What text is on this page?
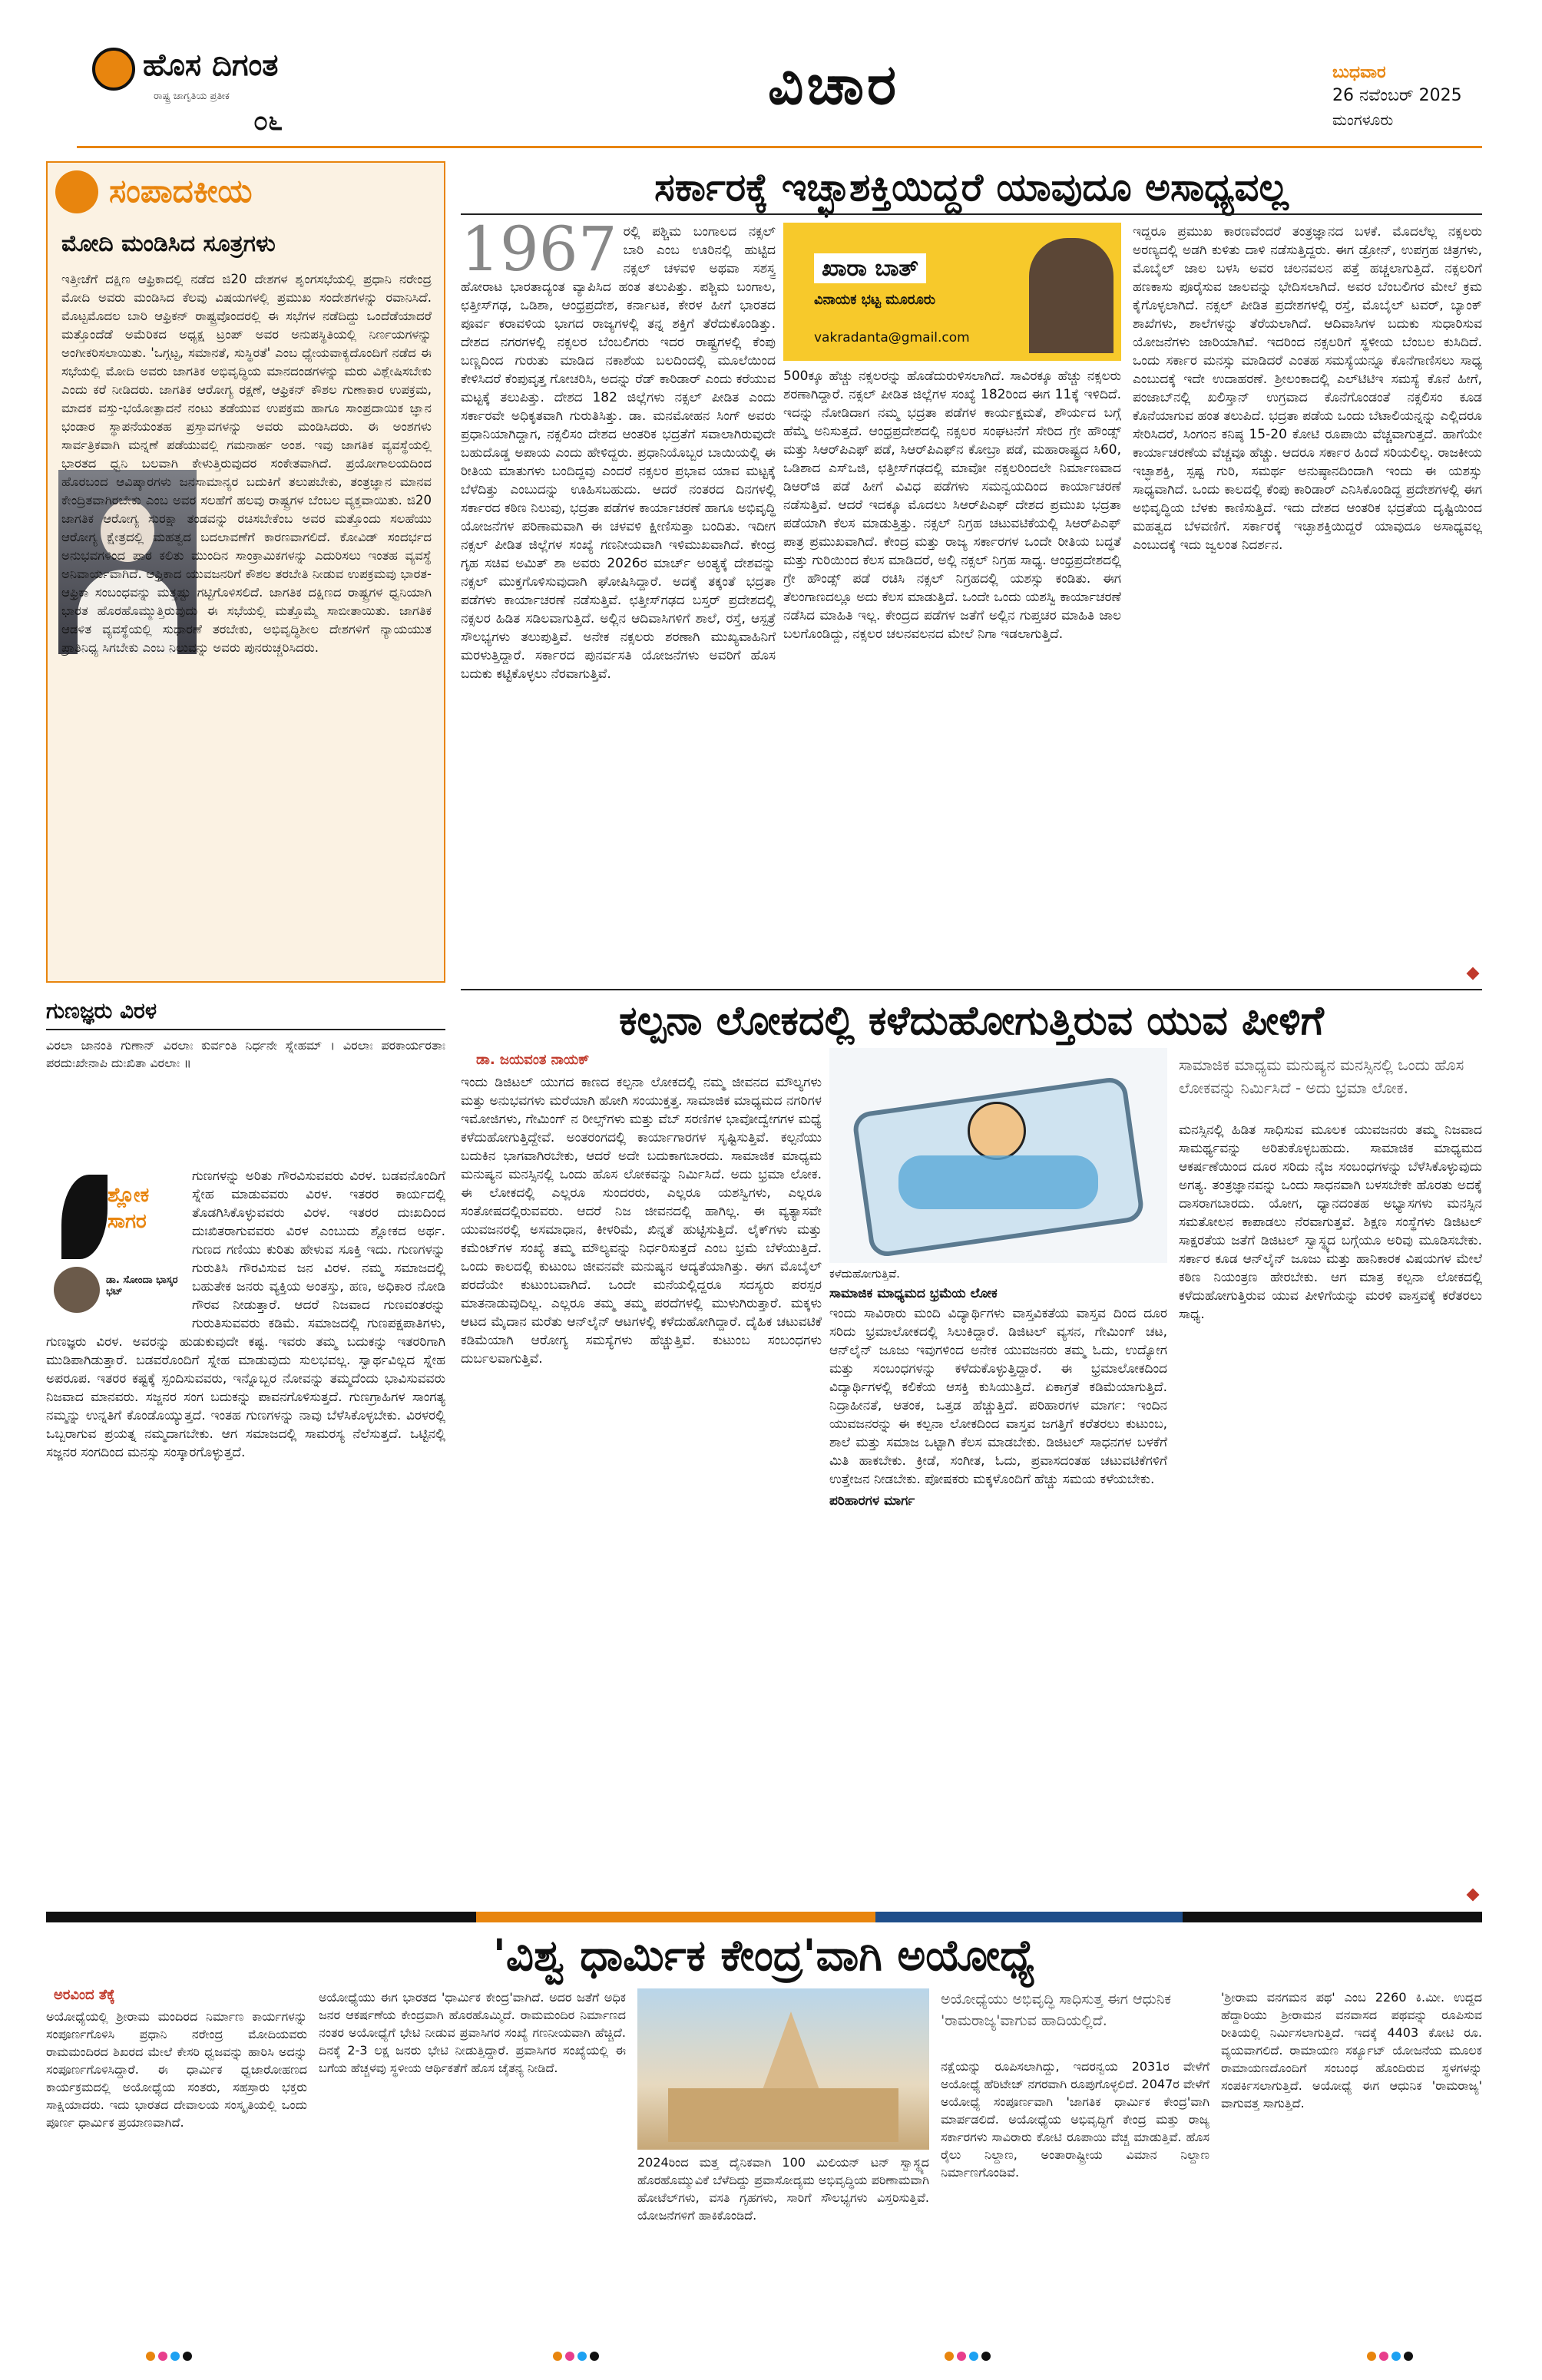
ಹೊಸ ದಿಗಂತ
ರಾಷ್ಟ್ರ ಜಾಗೃತಿಯ ಪ್ರತೀಕ
೦೬
ವಿಚಾರ	ಬುಧವಾರ
26 ನವೆಂಬರ್ 2025
ಮಂಗಳೂರು
ಸಂಪಾದಕೀಯ
ಮೋದಿ ಮಂಡಿಸಿದ ಸೂತ್ರಗಳು

ಇತ್ತೀಚೆಗೆ ದಕ್ಷಿಣ ಆಫ್ರಿಕಾದಲ್ಲಿ ನಡೆದ ಜಿ20 ದೇಶಗಳ ಶೃಂಗಸಭೆಯಲ್ಲಿ ಪ್ರಧಾನಿ ನರೇಂದ್ರ ಮೋದಿ ಅವರು ಮಂಡಿಸಿದ ಕೆಲವು ವಿಷಯಗಳಲ್ಲಿ ಪ್ರಮುಖ ಸಂದೇಶಗಳನ್ನು ರವಾನಿಸಿದೆ. ಮೊಟ್ಟಮೊದಲ ಬಾರಿ ಆಫ್ರಿಕನ್ ರಾಷ್ಟ್ರವೊಂದರಲ್ಲಿ ಈ ಸಭೆಗಳ ನಡೆದಿದ್ದು ಒಂದೆಡೆಯಾದರೆ ಮತ್ತೊಂದೆಡೆ ಅಮೆರಿಕದ ಅಧ್ಯಕ್ಷ ಟ್ರಂಪ್ ಅವರ ಅನುಪಸ್ಥಿತಿಯಲ್ಲಿ ನಿರ್ಣಯಗಳನ್ನು ಅಂಗೀಕರಿಸಲಾಯಿತು. 'ಒಗ್ಗಟ್ಟ, ಸಮಾನತೆ, ಸುಸ್ಥಿರತೆ' ಎಂಬ ಧ್ಯೇಯವಾಕ್ಯದೊಂದಿಗೆ ನಡೆದ ಈ ಸಭೆಯಲ್ಲಿ ಮೋದಿ ಅವರು ಜಾಗತಿಕ ಅಭಿವೃದ್ಧಿಯ ಮಾನದಂಡಗಳನ್ನು ಮರು ವಿಶ್ಲೇಷಿಸಬೇಕು ಎಂದು ಕರೆ ನೀಡಿದರು. ಜಾಗತಿಕ ಆರೋಗ್ಯ ರಕ್ಷಣೆ, ಆಫ್ರಿಕನ್ ಕೌಶಲ ಗುಣಾಕಾರ ಉಪಕ್ರಮ, ಮಾದಕ ವಸ್ತು-ಭಯೋತ್ಪಾದನೆ ನಂಟು ತಡೆಯುವ ಉಪಕ್ರಮ ಹಾಗೂ ಸಾಂಪ್ರದಾಯಿಕ ಜ್ಞಾನ ಭಂಡಾರ ಸ್ಥಾಪನೆಯಂತಹ ಪ್ರಸ್ತಾವಗಳನ್ನು ಅವರು ಮಂಡಿಸಿದರು. ಈ ಅಂಶಗಳು ಸಾರ್ವತ್ರಿಕವಾಗಿ ಮನ್ನಣೆ ಪಡೆಯುವಲ್ಲಿ ಗಮನಾರ್ಹ ಅಂಶ. ಇವು ಜಾಗತಿಕ ವ್ಯವಸ್ಥೆಯಲ್ಲಿ ಭಾರತದ ಧ್ವನಿ ಬಲವಾಗಿ ಕೇಳುತ್ತಿರುವುದರ ಸಂಕೇತವಾಗಿದೆ. ಪ್ರಯೋಗಾಲಯದಿಂದ ಹೊರಬಂದ ಆವಿಷ್ಕಾರಗಳು ಜನಸಾಮಾನ್ಯರ ಬದುಕಿಗೆ ತಲುಪಬೇಕು, ತಂತ್ರಜ್ಞಾನ ಮಾನವ ಕೇಂದ್ರಿತವಾಗಿರಬೇಕು ಎಂಬ ಅವರ ಸಲಹೆಗೆ ಹಲವು ರಾಷ್ಟ್ರಗಳ ಬೆಂಬಲ ವ್ಯಕ್ತವಾಯಿತು. ಜಿ20 ಜಾಗತಿಕ ಆರೋಗ್ಯ ಸುರಕ್ಷಾ ತಂಡವನ್ನು ರಚಿಸಬೇಕೆಂಬ ಅವರ ಮತ್ತೊಂದು ಸಲಹೆಯು ಆರೋಗ್ಯ ಕ್ಷೇತ್ರದಲ್ಲಿ ಮಹತ್ವದ ಬದಲಾವಣೆಗೆ ಕಾರಣವಾಗಲಿದೆ. ಕೋವಿಡ್ ಸಂದರ್ಭದ ಅನುಭವಗಳಿಂದ ಪಾಠ ಕಲಿತು ಮುಂದಿನ ಸಾಂಕ್ರಾಮಿಕಗಳನ್ನು ಎದುರಿಸಲು ಇಂತಹ ವ್ಯವಸ್ಥೆ ಅನಿವಾರ್ಯವಾಗಿದೆ. ಆಫ್ರಿಕಾದ ಯುವಜನರಿಗೆ ಕೌಶಲ ತರಬೇತಿ ನೀಡುವ ಉಪಕ್ರಮವು ಭಾರತ-ಆಫ್ರಿಕಾ ಸಂಬಂಧವನ್ನು ಮತ್ತಷ್ಟು ಗಟ್ಟಿಗೊಳಿಸಲಿದೆ. ಜಾಗತಿಕ ದಕ್ಷಿಣದ ರಾಷ್ಟ್ರಗಳ ಧ್ವನಿಯಾಗಿ ಭಾರತ ಹೊರಹೊಮ್ಮುತ್ತಿರುವುದು ಈ ಸಭೆಯಲ್ಲಿ ಮತ್ತೊಮ್ಮೆ ಸಾಬೀತಾಯಿತು. ಜಾಗತಿಕ ಆಡಳಿತ ವ್ಯವಸ್ಥೆಯಲ್ಲಿ ಸುಧಾರಣೆ ತರಬೇಕು, ಅಭಿವೃದ್ಧಿಶೀಲ ದೇಶಗಳಿಗೆ ನ್ಯಾಯಯುತ ಪ್ರಾತಿನಿಧ್ಯ ಸಿಗಬೇಕು ಎಂಬ ನಿಲುವನ್ನು ಅವರು ಪುನರುಚ್ಚರಿಸಿದರು.

ಸರ್ಕಾರಕ್ಕೆ ಇಚ್ಛಾಶಕ್ತಿಯಿದ್ದರೆ ಯಾವುದೂ ಅಸಾಧ್ಯವಲ್ಲ
1967 ರಲ್ಲಿ ಪಶ್ಚಿಮ ಬಂಗಾಲದ ನಕ್ಸಲ್ ಬಾರಿ ಎಂಬ ಊರಿನಲ್ಲಿ ಹುಟ್ಟಿದ ನಕ್ಸಲ್ ಚಳವಳಿ ಅಥವಾ ಸಶಸ್ತ್ರ ಹೋರಾಟ ಭಾರತಾದ್ಯಂತ ವ್ಯಾಪಿಸಿದ ಹಂತ ತಲುಪಿತ್ತು. ಪಶ್ಚಿಮ ಬಂಗಾಲ, ಛತ್ತೀಸ್‌ಗಢ, ಒಡಿಶಾ, ಆಂಧ್ರಪ್ರದೇಶ, ಕರ್ನಾಟಕ, ಕೇರಳ ಹೀಗೆ ಭಾರತದ ಪೂರ್ವ ಕರಾವಳಿಯ ಭಾಗದ ರಾಜ್ಯಗಳಲ್ಲಿ ತನ್ನ ಶಕ್ತಿಗೆ ತೆರೆದುಕೊಂಡಿತ್ತು. ದೇಶದ ನಗರಗಳಲ್ಲಿ ನಕ್ಸಲರ ಬೆಂಬಲಿಗರು ಇದರ ರಾಷ್ಟ್ರಗಳಲ್ಲಿ ಕೆಂಪು ಬಣ್ಣದಿಂದ ಗುರುತು ಮಾಡಿದ ನಕಾಶೆಯ ಬಲದಿಂದಲ್ಲಿ ಮೂಲೆಯಿಂದ ಕೇಳಿಸಿದರೆ ಕೆಂಪುವೃತ್ತ ಗೋಚರಿಸಿ, ಅದನ್ನು ರೆಡ್ ಕಾರಿಡಾರ್ ಎಂದು ಕರೆಯುವ ಮಟ್ಟಕ್ಕೆ ತಲುಪಿತ್ತು. ದೇಶದ 182 ಜಿಲ್ಲೆಗಳು ನಕ್ಸಲ್ ಪೀಡಿತ ಎಂದು ಸರ್ಕಾರವೇ ಅಧಿಕೃತವಾಗಿ ಗುರುತಿಸಿತ್ತು. ಡಾ. ಮನಮೋಹನ ಸಿಂಗ್ ಅವರು ಪ್ರಧಾನಿಯಾಗಿದ್ದಾಗ, ನಕ್ಸಲಿಸಂ ದೇಶದ ಆಂತರಿಕ ಭದ್ರತೆಗೆ ಸವಾಲಾಗಿರುವುದೇ ಬಹುದೊಡ್ಡ ಅಪಾಯ ಎಂದು ಹೇಳಿದ್ದರು. ಪ್ರಧಾನಿಯೊಬ್ಬರ ಬಾಯಿಯಲ್ಲಿ ಈ ರೀತಿಯ ಮಾತುಗಳು ಬಂದಿದ್ದವು ಎಂದರೆ ನಕ್ಸಲರ ಪ್ರಭಾವ ಯಾವ ಮಟ್ಟಕ್ಕೆ ಬೆಳೆದಿತ್ತು ಎಂಬುದನ್ನು ಊಹಿಸಬಹುದು. ಆದರೆ ನಂತರದ ದಿನಗಳಲ್ಲಿ ಸರ್ಕಾರದ ಕಠಿಣ ನಿಲುವು, ಭದ್ರತಾ ಪಡೆಗಳ ಕಾರ್ಯಾಚರಣೆ ಹಾಗೂ ಅಭಿವೃದ್ಧಿ ಯೋಜನೆಗಳ ಪರಿಣಾಮವಾಗಿ ಈ ಚಳವಳಿ ಕ್ಷೀಣಿಸುತ್ತಾ ಬಂದಿತು. ಇದೀಗ ನಕ್ಸಲ್ ಪೀಡಿತ ಜಿಲ್ಲೆಗಳ ಸಂಖ್ಯೆ ಗಣನೀಯವಾಗಿ ಇಳಿಮುಖವಾಗಿದೆ. ಕೇಂದ್ರ ಗೃಹ ಸಚಿವ ಅಮಿತ್ ಶಾ ಅವರು 2026ರ ಮಾರ್ಚ್ ಅಂತ್ಯಕ್ಕೆ ದೇಶವನ್ನು ನಕ್ಸಲ್ ಮುಕ್ತಗೊಳಿಸುವುದಾಗಿ ಘೋಷಿಸಿದ್ದಾರೆ. ಅದಕ್ಕೆ ತಕ್ಕಂತೆ ಭದ್ರತಾ ಪಡೆಗಳು ಕಾರ್ಯಾಚರಣೆ ನಡೆಸುತ್ತಿವೆ. ಛತ್ತೀಸ್‌ಗಢದ ಬಸ್ತರ್ ಪ್ರದೇಶದಲ್ಲಿ ನಕ್ಸಲರ ಹಿಡಿತ ಸಡಿಲವಾಗುತ್ತಿದೆ. ಅಲ್ಲಿನ ಆದಿವಾಸಿಗಳಿಗೆ ಶಾಲೆ, ರಸ್ತೆ, ಆಸ್ಪತ್ರೆ ಸೌಲಭ್ಯಗಳು ತಲುಪುತ್ತಿವೆ. ಅನೇಕ ನಕ್ಸಲರು ಶರಣಾಗಿ ಮುಖ್ಯವಾಹಿನಿಗೆ ಮರಳುತ್ತಿದ್ದಾರೆ. ಸರ್ಕಾರದ ಪುನರ್ವಸತಿ ಯೋಜನೆಗಳು ಅವರಿಗೆ ಹೊಸ ಬದುಕು ಕಟ್ಟಿಕೊಳ್ಳಲು ನೆರವಾಗುತ್ತಿವೆ.

ಖಾರಾ ಬಾತ್
ವಿನಾಯಕ ಭಟ್ಟ ಮೂರೂರು
vakradanta@gmail.com

500ಕ್ಕೂ ಹೆಚ್ಚು ನಕ್ಸಲರನ್ನು ಹೊಡೆದುರುಳಿಸಲಾಗಿದೆ. ಸಾವಿರಕ್ಕೂ ಹೆಚ್ಚು ನಕ್ಸಲರು ಶರಣಾಗಿದ್ದಾರೆ. ನಕ್ಸಲ್ ಪೀಡಿತ ಜಿಲ್ಲೆಗಳ ಸಂಖ್ಯೆ 182ರಿಂದ ಈಗ 11ಕ್ಕೆ ಇಳಿದಿದೆ. ಇದನ್ನು ನೋಡಿದಾಗ ನಮ್ಮ ಭದ್ರತಾ ಪಡೆಗಳ ಕಾರ್ಯಕ್ಷಮತೆ, ಶೌರ್ಯದ ಬಗ್ಗೆ ಹೆಮ್ಮೆ ಅನಿಸುತ್ತದೆ. ಆಂಧ್ರಪ್ರದೇಶದಲ್ಲಿ ನಕ್ಸಲರ ಸಂಘಟನೆಗೆ ಸೇರಿದ ಗ್ರೇ ಹೌಂಡ್ಸ್ ಮತ್ತು ಸಿಆರ್‌ಪಿಎಫ್ ಪಡೆ, ಸಿಆರ್‌ಪಿಎಫ್‌ನ ಕೋಬ್ರಾ ಪಡೆ, ಮಹಾರಾಷ್ಟ್ರದ ಸಿ60, ಒಡಿಶಾದ ಎಸ್‌ಒಜಿ, ಛತ್ತೀಸ್‌ಗಢದಲ್ಲಿ ಮಾವೋ ನಕ್ಸಲರಿಂದಲೇ ನಿರ್ಮಾಣವಾದ ಡಿಆರ್‌ಜಿ ಪಡೆ ಹೀಗೆ ವಿವಿಧ ಪಡೆಗಳು ಸಮನ್ವಯದಿಂದ ಕಾರ್ಯಾಚರಣೆ ನಡೆಸುತ್ತಿವೆ. ಆದರೆ ಇದಕ್ಕೂ ಮೊದಲು ಸಿಆರ್‌ಪಿಎಫ್ ದೇಶದ ಪ್ರಮುಖ ಭದ್ರತಾ ಪಡೆಯಾಗಿ ಕೆಲಸ ಮಾಡುತ್ತಿತ್ತು. ನಕ್ಸಲ್ ನಿಗ್ರಹ ಚಟುವಟಿಕೆಯಲ್ಲಿ ಸಿಆರ್‌ಪಿಎಫ್ ಪಾತ್ರ ಪ್ರಮುಖವಾಗಿದೆ. ಕೇಂದ್ರ ಮತ್ತು ರಾಜ್ಯ ಸರ್ಕಾರಗಳ ಒಂದೇ ರೀತಿಯ ಬದ್ಧತೆ ಮತ್ತು ಗುರಿಯಿಂದ ಕೆಲಸ ಮಾಡಿದರೆ, ಅಲ್ಲಿ ನಕ್ಸಲ್ ನಿಗ್ರಹ ಸಾಧ್ಯ. ಆಂಧ್ರಪ್ರದೇಶದಲ್ಲಿ ಗ್ರೇ ಹೌಂಡ್ಸ್ ಪಡೆ ರಚಿಸಿ ನಕ್ಸಲ್ ನಿಗ್ರಹದಲ್ಲಿ ಯಶಸ್ಸು ಕಂಡಿತು. ಈಗ ತೆಲಂಗಾಣದಲ್ಲೂ ಅದು ಕೆಲಸ ಮಾಡುತ್ತಿದೆ. ಒಂದೇ ಒಂದು ಯಶಸ್ವಿ ಕಾರ್ಯಾಚರಣೆ ನಡೆಸಿದ ಮಾಹಿತಿ ಇಲ್ಲ. ಕೇಂದ್ರದ ಪಡೆಗಳ ಜತೆಗೆ ಅಲ್ಲಿನ ಗುಪ್ತಚರ ಮಾಹಿತಿ ಜಾಲ ಬಲಗೊಂಡಿದ್ದು, ನಕ್ಸಲರ ಚಲನವಲನದ ಮೇಲೆ ನಿಗಾ ಇಡಲಾಗುತ್ತಿದೆ.

ಇದ್ದರೂ ಪ್ರಮುಖ ಕಾರಣವೆಂದರೆ ತಂತ್ರಜ್ಞಾನದ ಬಳಕೆ. ಮೊದಲೆಲ್ಲ ನಕ್ಸಲರು ಅರಣ್ಯದಲ್ಲಿ ಅಡಗಿ ಕುಳಿತು ದಾಳಿ ನಡೆಸುತ್ತಿದ್ದರು. ಈಗ ಡ್ರೋನ್, ಉಪಗ್ರಹ ಚಿತ್ರಗಳು, ಮೊಬೈಲ್ ಜಾಲ ಬಳಸಿ ಅವರ ಚಲನವಲನ ಪತ್ತೆ ಹಚ್ಚಲಾಗುತ್ತಿದೆ. ನಕ್ಸಲರಿಗೆ ಹಣಕಾಸು ಪೂರೈಸುವ ಜಾಲವನ್ನು ಭೇದಿಸಲಾಗಿದೆ. ಅವರ ಬೆಂಬಲಿಗರ ಮೇಲೆ ಕ್ರಮ ಕೈಗೊಳ್ಳಲಾಗಿದೆ. ನಕ್ಸಲ್ ಪೀಡಿತ ಪ್ರದೇಶಗಳಲ್ಲಿ ರಸ್ತೆ, ಮೊಬೈಲ್ ಟವರ್, ಬ್ಯಾಂಕ್ ಶಾಖೆಗಳು, ಶಾಲೆಗಳನ್ನು ತೆರೆಯಲಾಗಿದೆ. ಆದಿವಾಸಿಗಳ ಬದುಕು ಸುಧಾರಿಸುವ ಯೋಜನೆಗಳು ಜಾರಿಯಾಗಿವೆ. ಇದರಿಂದ ನಕ್ಸಲರಿಗೆ ಸ್ಥಳೀಯ ಬೆಂಬಲ ಕುಸಿದಿದೆ. ಒಂದು ಸರ್ಕಾರ ಮನಸ್ಸು ಮಾಡಿದರೆ ಎಂತಹ ಸಮಸ್ಯೆಯನ್ನೂ ಕೊನೆಗಾಣಿಸಲು ಸಾಧ್ಯ ಎಂಬುದಕ್ಕೆ ಇದೇ ಉದಾಹರಣೆ. ಶ್ರೀಲಂಕಾದಲ್ಲಿ ಎಲ್‌ಟಿಟಿಇ ಸಮಸ್ಯೆ ಕೊನೆ ಹೀಗೆ, ಪಂಜಾಬ್‌ನಲ್ಲಿ ಖಲಿಸ್ತಾನ್ ಉಗ್ರವಾದ ಕೊನೆಗೊಂಡಂತೆ ನಕ್ಸಲಿಸಂ ಕೂಡ ಕೊನೆಯಾಗುವ ಹಂತ ತಲುಪಿದೆ. ಭದ್ರತಾ ಪಡೆಯ ಒಂದು ಬೆಟಾಲಿಯನ್ನನ್ನು ಎಲ್ಲಿದರೂ ಸೇರಿಸಿದರೆ, ಸಿಂಗಂನ ಕನಿಷ್ಠ 15-20 ಕೋಟಿ ರೂಪಾಯಿ ವೆಚ್ಚವಾಗುತ್ತದೆ. ಹಾಗೆಯೇ ಕಾರ್ಯಾಚರಣೆಯ ವೆಚ್ಚವೂ ಹೆಚ್ಚು. ಆದರೂ ಸರ್ಕಾರ ಹಿಂದೆ ಸರಿಯಲಿಲ್ಲ. ರಾಜಕೀಯ ಇಚ್ಛಾಶಕ್ತಿ, ಸ್ಪಷ್ಟ ಗುರಿ, ಸಮರ್ಥ ಅನುಷ್ಠಾನದಿಂದಾಗಿ ಇಂದು ಈ ಯಶಸ್ಸು ಸಾಧ್ಯವಾಗಿದೆ. ಒಂದು ಕಾಲದಲ್ಲಿ ಕೆಂಪು ಕಾರಿಡಾರ್ ಎನಿಸಿಕೊಂಡಿದ್ದ ಪ್ರದೇಶಗಳಲ್ಲಿ ಈಗ ಅಭಿವೃದ್ಧಿಯ ಬೆಳಕು ಕಾಣಿಸುತ್ತಿದೆ. ಇದು ದೇಶದ ಆಂತರಿಕ ಭದ್ರತೆಯ ದೃಷ್ಟಿಯಿಂದ ಮಹತ್ವದ ಬೆಳವಣಿಗೆ. ಸರ್ಕಾರಕ್ಕೆ ಇಚ್ಛಾಶಕ್ತಿಯಿದ್ದರೆ ಯಾವುದೂ ಅಸಾಧ್ಯವಲ್ಲ ಎಂಬುದಕ್ಕೆ ಇದು ಜ್ವಲಂತ ನಿದರ್ಶನ.

ಗುಣಜ್ಞರು ವಿರಳ

ವಿರಲಾ ಜಾನಂತಿ ಗುಣಾನ್ ವಿರಲಾಃ ಕುರ್ವಂತಿ ನಿರ್ಧನೇ ಸ್ನೇಹಮ್ । ವಿರಲಾಃ ಪರಕಾರ್ಯರತಾಃ ಪರದುಃಖೇನಾಪಿ ದುಃಖಿತಾ ವಿರಲಾಃ ॥

ಶ್ಲೋಕ ಸಾಗರ
ಡಾ. ಸೋಂದಾ ಭಾಸ್ಕರ ಭಟ್

ಗುಣಗಳನ್ನು ಅರಿತು ಗೌರವಿಸುವವರು ವಿರಳ. ಬಡವನೊಂದಿಗೆ ಸ್ನೇಹ ಮಾಡುವವರು ವಿರಳ. ಇತರರ ಕಾರ್ಯದಲ್ಲಿ ತೊಡಗಿಸಿಕೊಳ್ಳುವವರು ವಿರಳ. ಇತರರ ದುಃಖದಿಂದ ದುಃಖಿತರಾಗುವವರು ವಿರಳ ಎಂಬುದು ಶ್ಲೋಕದ ಅರ್ಥ. ಗುಣದ ಗಣಿಯು ಕುರಿತು ಹೇಳುವ ಸೂಕ್ತಿ ಇದು. ಗುಣಗಳನ್ನು ಗುರುತಿಸಿ ಗೌರವಿಸುವ ಜನ ವಿರಳ. ನಮ್ಮ ಸಮಾಜದಲ್ಲಿ ಬಹುತೇಕ ಜನರು ವ್ಯಕ್ತಿಯ ಅಂತಸ್ತು, ಹಣ, ಅಧಿಕಾರ ನೋಡಿ ಗೌರವ ನೀಡುತ್ತಾರೆ. ಆದರೆ ನಿಜವಾದ ಗುಣವಂತರನ್ನು ಗುರುತಿಸುವವರು ಕಡಿಮೆ. ಸಮಾಜದಲ್ಲಿ ಗುಣಪಕ್ಷಪಾತಿಗಳು, ಗುಣಜ್ಞರು ವಿರಳ. ಅವರನ್ನು ಹುಡುಕುವುದೇ ಕಷ್ಟ. ಇವರು ತಮ್ಮ ಬದುಕನ್ನು ಇತರರಿಗಾಗಿ ಮುಡಿಪಾಗಿಡುತ್ತಾರೆ. ಬಡವರೊಂದಿಗೆ ಸ್ನೇಹ ಮಾಡುವುದು ಸುಲಭವಲ್ಲ. ಸ್ವಾರ್ಥವಿಲ್ಲದ ಸ್ನೇಹ ಅಪರೂಪ. ಇತರರ ಕಷ್ಟಕ್ಕೆ ಸ್ಪಂದಿಸುವವರು, ಇನ್ನೊಬ್ಬರ ನೋವನ್ನು ತಮ್ಮದೆಂದು ಭಾವಿಸುವವರು ನಿಜವಾದ ಮಾನವರು. ಸಜ್ಜನರ ಸಂಗ ಬದುಕನ್ನು ಪಾವನಗೊಳಿಸುತ್ತದೆ. ಗುಣಗ್ರಾಹಿಗಳ ಸಾಂಗತ್ಯ ನಮ್ಮನ್ನು ಉನ್ನತಿಗೆ ಕೊಂಡೊಯ್ಯುತ್ತದೆ. ಇಂತಹ ಗುಣಗಳನ್ನು ನಾವು ಬೆಳೆಸಿಕೊಳ್ಳಬೇಕು. ವಿರಳರಲ್ಲಿ ಒಬ್ಬರಾಗುವ ಪ್ರಯತ್ನ ನಮ್ಮದಾಗಬೇಕು. ಆಗ ಸಮಾಜದಲ್ಲಿ ಸಾಮರಸ್ಯ ನೆಲೆಸುತ್ತದೆ. ಒಟ್ಟಿನಲ್ಲಿ ಸಜ್ಜನರ ಸಂಗದಿಂದ ಮನಸ್ಸು ಸಂಸ್ಕಾರಗೊಳ್ಳುತ್ತದೆ.

ಕಲ್ಪನಾ ಲೋಕದಲ್ಲಿ ಕಳೆದುಹೋಗುತ್ತಿರುವ ಯುವ ಪೀಳಿಗೆ
ಡಾ. ಜಯವಂತ ನಾಯಕ್

ಇಂದು ಡಿಜಿಟಲ್ ಯುಗದ ಕಾಣದ ಕಲ್ಪನಾ ಲೋಕದಲ್ಲಿ ನಮ್ಮ ಜೀವನದ ಮೌಲ್ಯಗಳು ಮತ್ತು ಅನುಭವಗಳು ಮರೆಯಾಗಿ ಹೋಗಿ ಸಂಯುಕ್ತತ್ತ. ಸಾಮಾಜಿಕ ಮಾಧ್ಯಮದ ನಗರಿಗಳ ಇಮೋಜಿಗಳು, ಗೇಮಿಂಗ್ ನ ರೀಲ್ಸ್‌ಗಳು ಮತ್ತು ವೆಬ್ ಸರಣಿಗಳ ಭಾವೋದ್ವೇಗಗಳ ಮಧ್ಯೆ ಕಳೆದುಹೋಗುತ್ತಿದ್ದೇವೆ. ಅಂತರಂಗದಲ್ಲಿ ಕಾರ್ಯಾಗಾರಗಳ ಸೃಷ್ಟಿಸುತ್ತಿವೆ. ಕಲ್ಪನೆಯು ಬದುಕಿನ ಭಾಗವಾಗಿರಬೇಕು, ಆದರೆ ಅದೇ ಬದುಕಾಗಬಾರದು. ಸಾಮಾಜಿಕ ಮಾಧ್ಯಮ ಮನುಷ್ಯನ ಮನಸ್ಸಿನಲ್ಲಿ ಒಂದು ಹೊಸ ಲೋಕವನ್ನು ನಿರ್ಮಿಸಿದೆ. ಅದು ಭ್ರಮಾ ಲೋಕ. ಈ ಲೋಕದಲ್ಲಿ ಎಲ್ಲರೂ ಸುಂದರರು, ಎಲ್ಲರೂ ಯಶಸ್ವಿಗಳು, ಎಲ್ಲರೂ ಸಂತೋಷದಲ್ಲಿರುವವರು. ಆದರೆ ನಿಜ ಜೀವನದಲ್ಲಿ ಹಾಗಿಲ್ಲ. ಈ ವ್ಯತ್ಯಾಸವೇ ಯುವಜನರಲ್ಲಿ ಅಸಮಾಧಾನ, ಕೀಳರಿಮೆ, ಖಿನ್ನತೆ ಹುಟ್ಟಿಸುತ್ತಿದೆ. ಲೈಕ್‌ಗಳು ಮತ್ತು ಕಮೆಂಟ್‌ಗಳ ಸಂಖ್ಯೆ ತಮ್ಮ ಮೌಲ್ಯವನ್ನು ನಿರ್ಧರಿಸುತ್ತದೆ ಎಂಬ ಭ್ರಮೆ ಬೆಳೆಯುತ್ತಿದೆ. ಒಂದು ಕಾಲದಲ್ಲಿ ಕುಟುಂಬ ಜೀವನವೇ ಮನುಷ್ಯನ ಆದ್ಯತೆಯಾಗಿತ್ತು. ಈಗ ಮೊಬೈಲ್ ಪರದೆಯೇ ಕುಟುಂಬವಾಗಿದೆ. ಒಂದೇ ಮನೆಯಲ್ಲಿದ್ದರೂ ಸದಸ್ಯರು ಪರಸ್ಪರ ಮಾತನಾಡುವುದಿಲ್ಲ. ಎಲ್ಲರೂ ತಮ್ಮ ತಮ್ಮ ಪರದೆಗಳಲ್ಲಿ ಮುಳುಗಿರುತ್ತಾರೆ. ಮಕ್ಕಳು ಆಟದ ಮೈದಾನ ಮರೆತು ಆನ್‌ಲೈನ್ ಆಟಗಳಲ್ಲಿ ಕಳೆದುಹೋಗಿದ್ದಾರೆ. ದೈಹಿಕ ಚಟುವಟಿಕೆ ಕಡಿಮೆಯಾಗಿ ಆರೋಗ್ಯ ಸಮಸ್ಯೆಗಳು ಹೆಚ್ಚುತ್ತಿವೆ. ಕುಟುಂಬ ಸಂಬಂಧಗಳು ದುರ್ಬಲವಾಗುತ್ತಿವೆ.

ಕಳೆದುಹೋಗುತ್ತಿವೆ.
ಸಾಮಾಜಿಕ ಮಾಧ್ಯಮ ಮನುಷ್ಯನ ಮನಸ್ಸಿನಲ್ಲಿ ಒಂದು ಹೊಸ ಲೋಕವನ್ನು ನಿರ್ಮಿಸಿದೆ - ಅದು ಭ್ರಮಾ ಲೋಕ.
ಸಾಮಾಜಿಕ ಮಾಧ್ಯಮದ ಭ್ರಮೆಯ ಲೋಕ

ಇಂದು ಸಾವಿರಾರು ಮಂದಿ ವಿದ್ಯಾರ್ಥಿಗಳು ವಾಸ್ತವಿಕತೆಯ ವಾಸ್ತವ ದಿಂದ ದೂರ ಸರಿದು ಭ್ರಮಾಲೋಕದಲ್ಲಿ ಸಿಲುಕಿದ್ದಾರೆ. ಡಿಜಿಟಲ್ ವ್ಯಸನ, ಗೇಮಿಂಗ್ ಚಟ, ಆನ್‌ಲೈನ್ ಜೂಜು ಇವುಗಳಿಂದ ಅನೇಕ ಯುವಜನರು ತಮ್ಮ ಓದು, ಉದ್ಯೋಗ ಮತ್ತು ಸಂಬಂಧಗಳನ್ನು ಕಳೆದುಕೊಳ್ಳುತ್ತಿದ್ದಾರೆ. ಈ ಭ್ರಮಾಲೋಕದಿಂದ ವಿದ್ಯಾರ್ಥಿಗಳಲ್ಲಿ ಕಲಿಕೆಯ ಆಸಕ್ತಿ ಕುಸಿಯುತ್ತಿದೆ. ಏಕಾಗ್ರತೆ ಕಡಿಮೆಯಾಗುತ್ತಿದೆ. ನಿದ್ರಾಹೀನತೆ, ಆತಂಕ, ಒತ್ತಡ ಹೆಚ್ಚುತ್ತಿದೆ. ಪರಿಹಾರಗಳ ಮಾರ್ಗ: ಇಂದಿನ ಯುವಜನರನ್ನು ಈ ಕಲ್ಪನಾ ಲೋಕದಿಂದ ವಾಸ್ತವ ಜಗತ್ತಿಗೆ ಕರೆತರಲು ಕುಟುಂಬ, ಶಾಲೆ ಮತ್ತು ಸಮಾಜ ಒಟ್ಟಾಗಿ ಕೆಲಸ ಮಾಡಬೇಕು. ಡಿಜಿಟಲ್ ಸಾಧನಗಳ ಬಳಕೆಗೆ ಮಿತಿ ಹಾಕಬೇಕು. ಕ್ರೀಡೆ, ಸಂಗೀತ, ಓದು, ಪ್ರವಾಸದಂತಹ ಚಟುವಟಿಕೆಗಳಿಗೆ ಉತ್ತೇಜನ ನೀಡಬೇಕು. ಪೋಷಕರು ಮಕ್ಕಳೊಂದಿಗೆ ಹೆಚ್ಚು ಸಮಯ ಕಳೆಯಬೇಕು.

ಪರಿಹಾರಗಳ ಮಾರ್ಗ

ಮನಸ್ಸಿನಲ್ಲಿ ಹಿಡಿತ ಸಾಧಿಸುವ ಮೂಲಕ ಯುವಜನರು ತಮ್ಮ ನಿಜವಾದ ಸಾಮರ್ಥ್ಯವನ್ನು ಅರಿತುಕೊಳ್ಳಬಹುದು. ಸಾಮಾಜಿಕ ಮಾಧ್ಯಮದ ಆಕರ್ಷಣೆಯಿಂದ ದೂರ ಸರಿದು ನೈಜ ಸಂಬಂಧಗಳನ್ನು ಬೆಳೆಸಿಕೊಳ್ಳುವುದು ಅಗತ್ಯ. ತಂತ್ರಜ್ಞಾನವನ್ನು ಒಂದು ಸಾಧನವಾಗಿ ಬಳಸಬೇಕೇ ಹೊರತು ಅದಕ್ಕೆ ದಾಸರಾಗಬಾರದು. ಯೋಗ, ಧ್ಯಾನದಂತಹ ಅಭ್ಯಾಸಗಳು ಮನಸ್ಸಿನ ಸಮತೋಲನ ಕಾಪಾಡಲು ನೆರವಾಗುತ್ತವೆ. ಶಿಕ್ಷಣ ಸಂಸ್ಥೆಗಳು ಡಿಜಿಟಲ್ ಸಾಕ್ಷರತೆಯ ಜತೆಗೆ ಡಿಜಿಟಲ್ ಸ್ವಾಸ್ಥ್ಯದ ಬಗ್ಗೆಯೂ ಅರಿವು ಮೂಡಿಸಬೇಕು. ಸರ್ಕಾರ ಕೂಡ ಆನ್‌ಲೈನ್ ಜೂಜು ಮತ್ತು ಹಾನಿಕಾರಕ ವಿಷಯಗಳ ಮೇಲೆ ಕಠಿಣ ನಿಯಂತ್ರಣ ಹೇರಬೇಕು. ಆಗ ಮಾತ್ರ ಕಲ್ಪನಾ ಲೋಕದಲ್ಲಿ ಕಳೆದುಹೋಗುತ್ತಿರುವ ಯುವ ಪೀಳಿಗೆಯನ್ನು ಮರಳಿ ವಾಸ್ತವಕ್ಕೆ ಕರೆತರಲು ಸಾಧ್ಯ.

'ವಿಶ್ವ ಧಾರ್ಮಿಕ ಕೇಂದ್ರ'ವಾಗಿ ಅಯೋಧ್ಯೆ
ಅರವಿಂದ ತೆಕ್ಕೆ

ಅಯೋಧ್ಯೆಯಲ್ಲಿ ಶ್ರೀರಾಮ ಮಂದಿರದ ನಿರ್ಮಾಣ ಕಾರ್ಯಗಳನ್ನು ಸಂಪೂರ್ಣಗೊಳಿಸಿ ಪ್ರಧಾನಿ ನರೇಂದ್ರ ಮೋದಿಯವರು ರಾಮಮಂದಿರದ ಶಿಖರದ ಮೇಲೆ ಕೇಸರಿ ಧ್ವಜವನ್ನು ಹಾರಿಸಿ ಅದನ್ನು ಸಂಪೂರ್ಣಗೊಳಿಸಿದ್ದಾರೆ. ಈ ಧಾರ್ಮಿಕ ಧ್ವಜಾರೋಹಣದ ಕಾರ್ಯಕ್ರಮದಲ್ಲಿ ಅಯೋಧ್ಯೆಯ ಸಂತರು, ಸಹಸ್ರಾರು ಭಕ್ತರು ಸಾಕ್ಷಿಯಾದರು. ಇದು ಭಾರತದ ದೇವಾಲಯ ಸಂಸ್ಕೃತಿಯಲ್ಲಿ ಒಂದು ಪೂರ್ಣ ಧಾರ್ಮಿಕ ಪ್ರಯಾಣವಾಗಿದೆ.

ಅಯೋಧ್ಯೆಯು ಈಗ ಭಾರತದ 'ಧಾರ್ಮಿಕ ಕೇಂದ್ರ'ವಾಗಿದೆ. ಅದರ ಜತೆಗೆ ಅಧಿಕ ಜನರ ಆಕರ್ಷಣೆಯ ಕೇಂದ್ರವಾಗಿ ಹೊರಹೊಮ್ಮಿದೆ. ರಾಮಮಂದಿರ ನಿರ್ಮಾಣದ ನಂತರ ಅಯೋಧ್ಯೆಗೆ ಭೇಟಿ ನೀಡುವ ಪ್ರವಾಸಿಗರ ಸಂಖ್ಯೆ ಗಣನೀಯವಾಗಿ ಹೆಚ್ಚಿದೆ. ದಿನಕ್ಕೆ 2-3 ಲಕ್ಷ ಜನರು ಭೇಟಿ ನೀಡುತ್ತಿದ್ದಾರೆ. ಪ್ರವಾಸಿಗರ ಸಂಖ್ಯೆಯಲ್ಲಿ ಈ ಬಗೆಯ ಹೆಚ್ಚಳವು ಸ್ಥಳೀಯ ಆರ್ಥಿಕತೆಗೆ ಹೊಸ ಚೈತನ್ಯ ನೀಡಿದೆ.

2024ರಿಂದ ಮತ್ತ ದೈನಿಕವಾಗಿ 100 ಮಿಲಿಯನ್ ಟನ್ ಸ್ವಾಸ್ಥ್ಯದ ಹೊರಹೊಮ್ಮುವಿಕೆ ಬೆಳೆದಿದ್ದು ಪ್ರವಾಸೋದ್ಯಮ ಅಭಿವೃದ್ಧಿಯ ಪರಿಣಾಮವಾಗಿ ಹೋಟೆಲ್‌ಗಳು, ವಸತಿ ಗೃಹಗಳು, ಸಾರಿಗೆ ಸೌಲಭ್ಯಗಳು ವಿಸ್ತರಿಸುತ್ತಿವೆ. ಯೋಜನೆಗಳಿಗೆ ಹಾಕಿಕೊಂಡಿದೆ.

ಅಯೋಧ್ಯೆಯು ಅಭಿವೃದ್ಧಿ ಸಾಧಿಸುತ್ತ ಈಗ ಆಧುನಿಕ 'ರಾಮರಾಜ್ಯ'ವಾಗುವ ಹಾದಿಯಲ್ಲಿದೆ.

ನಕ್ಷೆಯನ್ನು ರೂಪಿಸಲಾಗಿದ್ದು, ಇದರನ್ವಯ 2031ರ ವೇಳೆಗೆ ಅಯೋಧ್ಯೆ ಹೆರಿಟೇಜ್ ನಗರವಾಗಿ ರೂಪುಗೊಳ್ಳಲಿದೆ. 2047ರ ವೇಳೆಗೆ ಅಯೋಧ್ಯೆ ಸಂಪೂರ್ಣವಾಗಿ 'ಜಾಗತಿಕ ಧಾರ್ಮಿಕ ಕೇಂದ್ರ'ವಾಗಿ ಮಾರ್ಪಡಲಿದೆ. ಅಯೋಧ್ಯೆಯ ಅಭಿವೃದ್ಧಿಗೆ ಕೇಂದ್ರ ಮತ್ತು ರಾಜ್ಯ ಸರ್ಕಾರಗಳು ಸಾವಿರಾರು ಕೋಟಿ ರೂಪಾಯಿ ವೆಚ್ಚ ಮಾಡುತ್ತಿವೆ. ಹೊಸ ರೈಲು ನಿಲ್ದಾಣ, ಅಂತಾರಾಷ್ಟ್ರೀಯ ವಿಮಾನ ನಿಲ್ದಾಣ ನಿರ್ಮಾಣಗೊಂಡಿವೆ.

'ಶ್ರೀರಾಮ ವನಗಮನ ಪಥ' ಎಂಬ 2260 ಕಿ.ಮೀ. ಉದ್ದದ ಹೆದ್ದಾರಿಯು ಶ್ರೀರಾಮನ ವನವಾಸದ ಪಥವನ್ನು ರೂಪಿಸುವ ರೀತಿಯಲ್ಲಿ ನಿರ್ಮಿಸಲಾಗುತ್ತಿದೆ. ಇದಕ್ಕೆ 4403 ಕೋಟಿ ರೂ. ವ್ಯಯವಾಗಲಿದೆ. ರಾಮಾಯಣ ಸರ್ಕ್ಯೂಟ್ ಯೋಜನೆಯ ಮೂಲಕ ರಾಮಾಯಣದೊಂದಿಗೆ ಸಂಬಂಧ ಹೊಂದಿರುವ ಸ್ಥಳಗಳನ್ನು ಸಂಪರ್ಕಿಸಲಾಗುತ್ತಿದೆ. ಅಯೋಧ್ಯೆ ಈಗ ಆಧುನಿಕ 'ರಾಮರಾಜ್ಯ' ವಾಗುವತ್ತ ಸಾಗುತ್ತಿದೆ.
